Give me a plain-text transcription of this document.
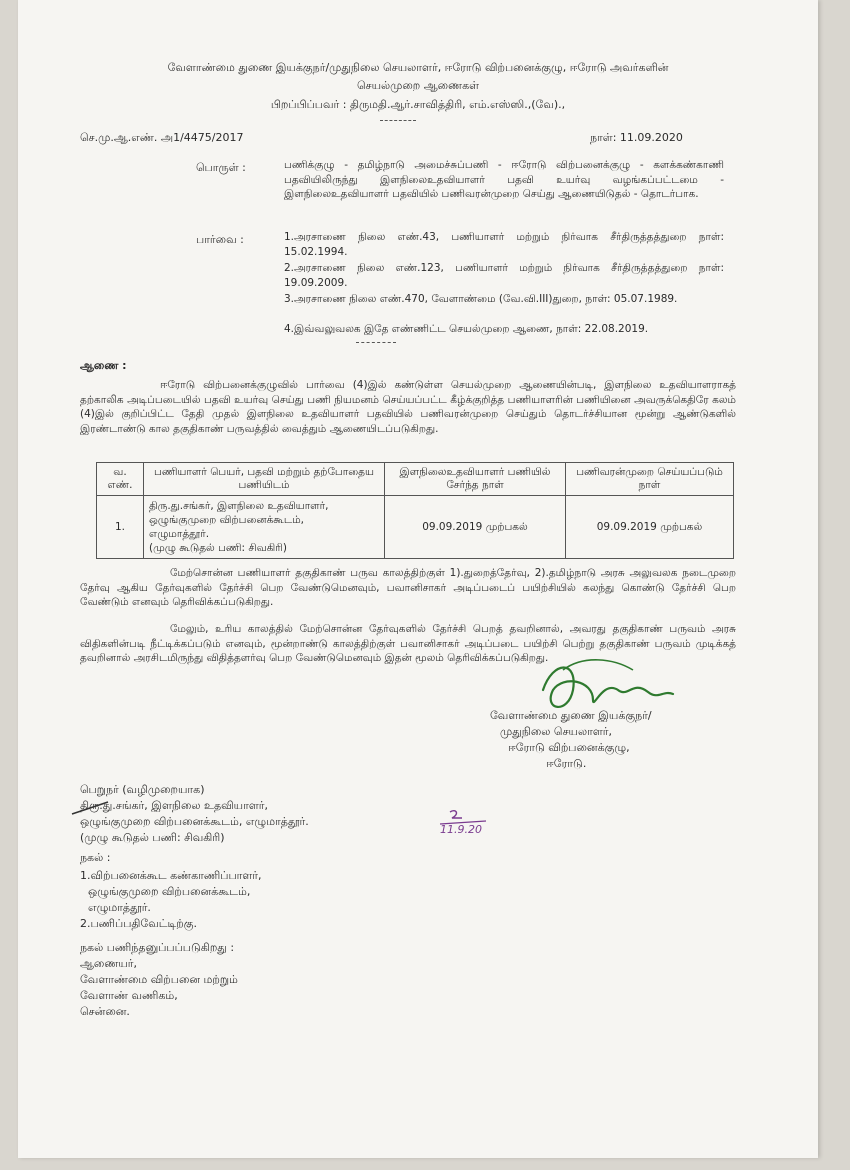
வேளாண்மை துணை இயக்குநர்/முதுநிலை செயலாளர், ஈரோடு விற்பனைக்குழு, ஈரோடு அவர்களின்
செயல்முறை ஆணைகள்
பிறப்பிப்பவர் : திருமதி.ஆர்.சாவித்திரி, எம்.எஸ்ஸி.,(வே).,
செ.மு.ஆ.எண். அ1/4475/2017	நாள்: 11.09.2020
பொருள் :	பணிக்குழு - தமிழ்நாடு அமைச்சுப்பணி - ஈரோடு விற்பனைக்குழு - களக்கண்காணி பதவியிலிருந்து இளநிலைஉதவியாளர் பதவி உயர்வு வழங்கப்பட்டமை - இளநிலைஉதவியாளர் பதவியில் பணிவரன்முறை செய்து ஆணையிடுதல் - தொடர்பாக.
பார்வை :	1.அரசாணை நிலை எண்.43, பணியாளர் மற்றும் நிர்வாக சீர்திருத்தத்துறை நாள்: 15.02.1994.
2.அரசாணை நிலை எண்.123, பணியாளர் மற்றும் நிர்வாக சீர்திருத்தத்துறை நாள்: 19.09.2009.
3.அரசாணை நிலை எண்.470, வேளாண்மை (வே.வி.III)துறை, நாள்: 05.07.1989.
4.இவ்வலுவலக இதே எண்ணிட்ட செயல்முறை ஆணை, நாள்: 22.08.2019.
ஆணை :
ஈரோடு விற்பனைக்குழுவில் பார்வை (4)இல் கண்டுள்ள செயல்முறை ஆணையின்படி, இளநிலை உதவியாளராகத் தற்காலிக அடிப்படையில் பதவி உயர்வு செய்து பணி நியமனம் செய்யப்பட்ட கீழ்க்குறித்த பணியாளரின் பணியினை அவருக்கெதிரே கலம் (4)இல் குறிப்பிட்ட தேதி முதல் இளநிலை உதவியாளர் பதவியில் பணிவரன்முறை செய்தும் தொடர்ச்சியான மூன்று ஆண்டுகளில் இரண்டாண்டு கால தகுதிகாண் பருவத்தில் வைத்தும் ஆணையிடப்படுகிறது.
வ. எண்.	பணியாளர் பெயர், பதவி மற்றும் தற்போதைய பணியிடம்	இளநிலைஉதவியாளர் பணியில் சேர்ந்த நாள்	பணிவரன்முறை செய்யப்படும் நாள்
1.	திரு.து.சங்கர், இளநிலை உதவியாளர்,
ஒழுங்குமுறை விற்பனைக்கூடம்,
எழுமாத்தூர்.
(முழு கூடுதல் பணி: சிவகிரி)	09.09.2019 முற்பகல்	09.09.2019 முற்பகல்
மேற்சொன்ன பணியாளர் தகுதிகாண் பருவ காலத்திற்குள் 1).துறைத்தேர்வு, 2).தமிழ்நாடு அரசு அலுவலக நடைமுறை தேர்வு ஆகிய தேர்வுகளில் தேர்ச்சி பெற வேண்டுமெனவும், பவானிசாகர் அடிப்படைப் பயிற்சியில் கலந்து கொண்டு தேர்ச்சி பெற வேண்டும் எனவும் தெரிவிக்கப்படுகிறது.
மேலும், உரிய காலத்தில் மேற்சொன்ன தேர்வுகளில் தேர்ச்சி பெறத் தவறினால், அவரது தகுதிகாண் பருவம் அரசு விதிகளின்படி நீட்டிக்கப்படும் எனவும், மூன்றாண்டு காலத்திற்குள் பவானிசாகர் அடிப்படை பயிற்சி பெற்று தகுதிகாண் பருவம் முடிக்கத் தவறினால் அரசிடமிருந்து விதித்தளர்வு பெற வேண்டுமெனவும் இதன் மூலம் தெரிவிக்கப்படுகிறது.
வேளாண்மை துணை இயக்குநர்/
முதுநிலை செயலாளர்,
ஈரோடு விற்பனைக்குழு,
ஈரோடு.
பெறுநர் (வழிமுறையாக)
திரு.து.சங்கர், இளநிலை உதவியாளர்,
ஒழுங்குமுறை விற்பனைக்கூடம், எழுமாத்தூர்.
(முழு கூடுதல் பணி: சிவகிரி)
11.9.20
நகல் :
1.விற்பனைக்கூட கண்காணிப்பாளர்,
ஒழுங்குமுறை விற்பனைக்கூடம்,
எழுமாத்தூர்.
2.பணிப்பதிவேட்டிற்கு.
நகல் பணிந்தனுப்பப்படுகிறது :
ஆணையர்,
வேளாண்மை விற்பனை மற்றும்
வேளாண் வணிகம்,
சென்னை.
